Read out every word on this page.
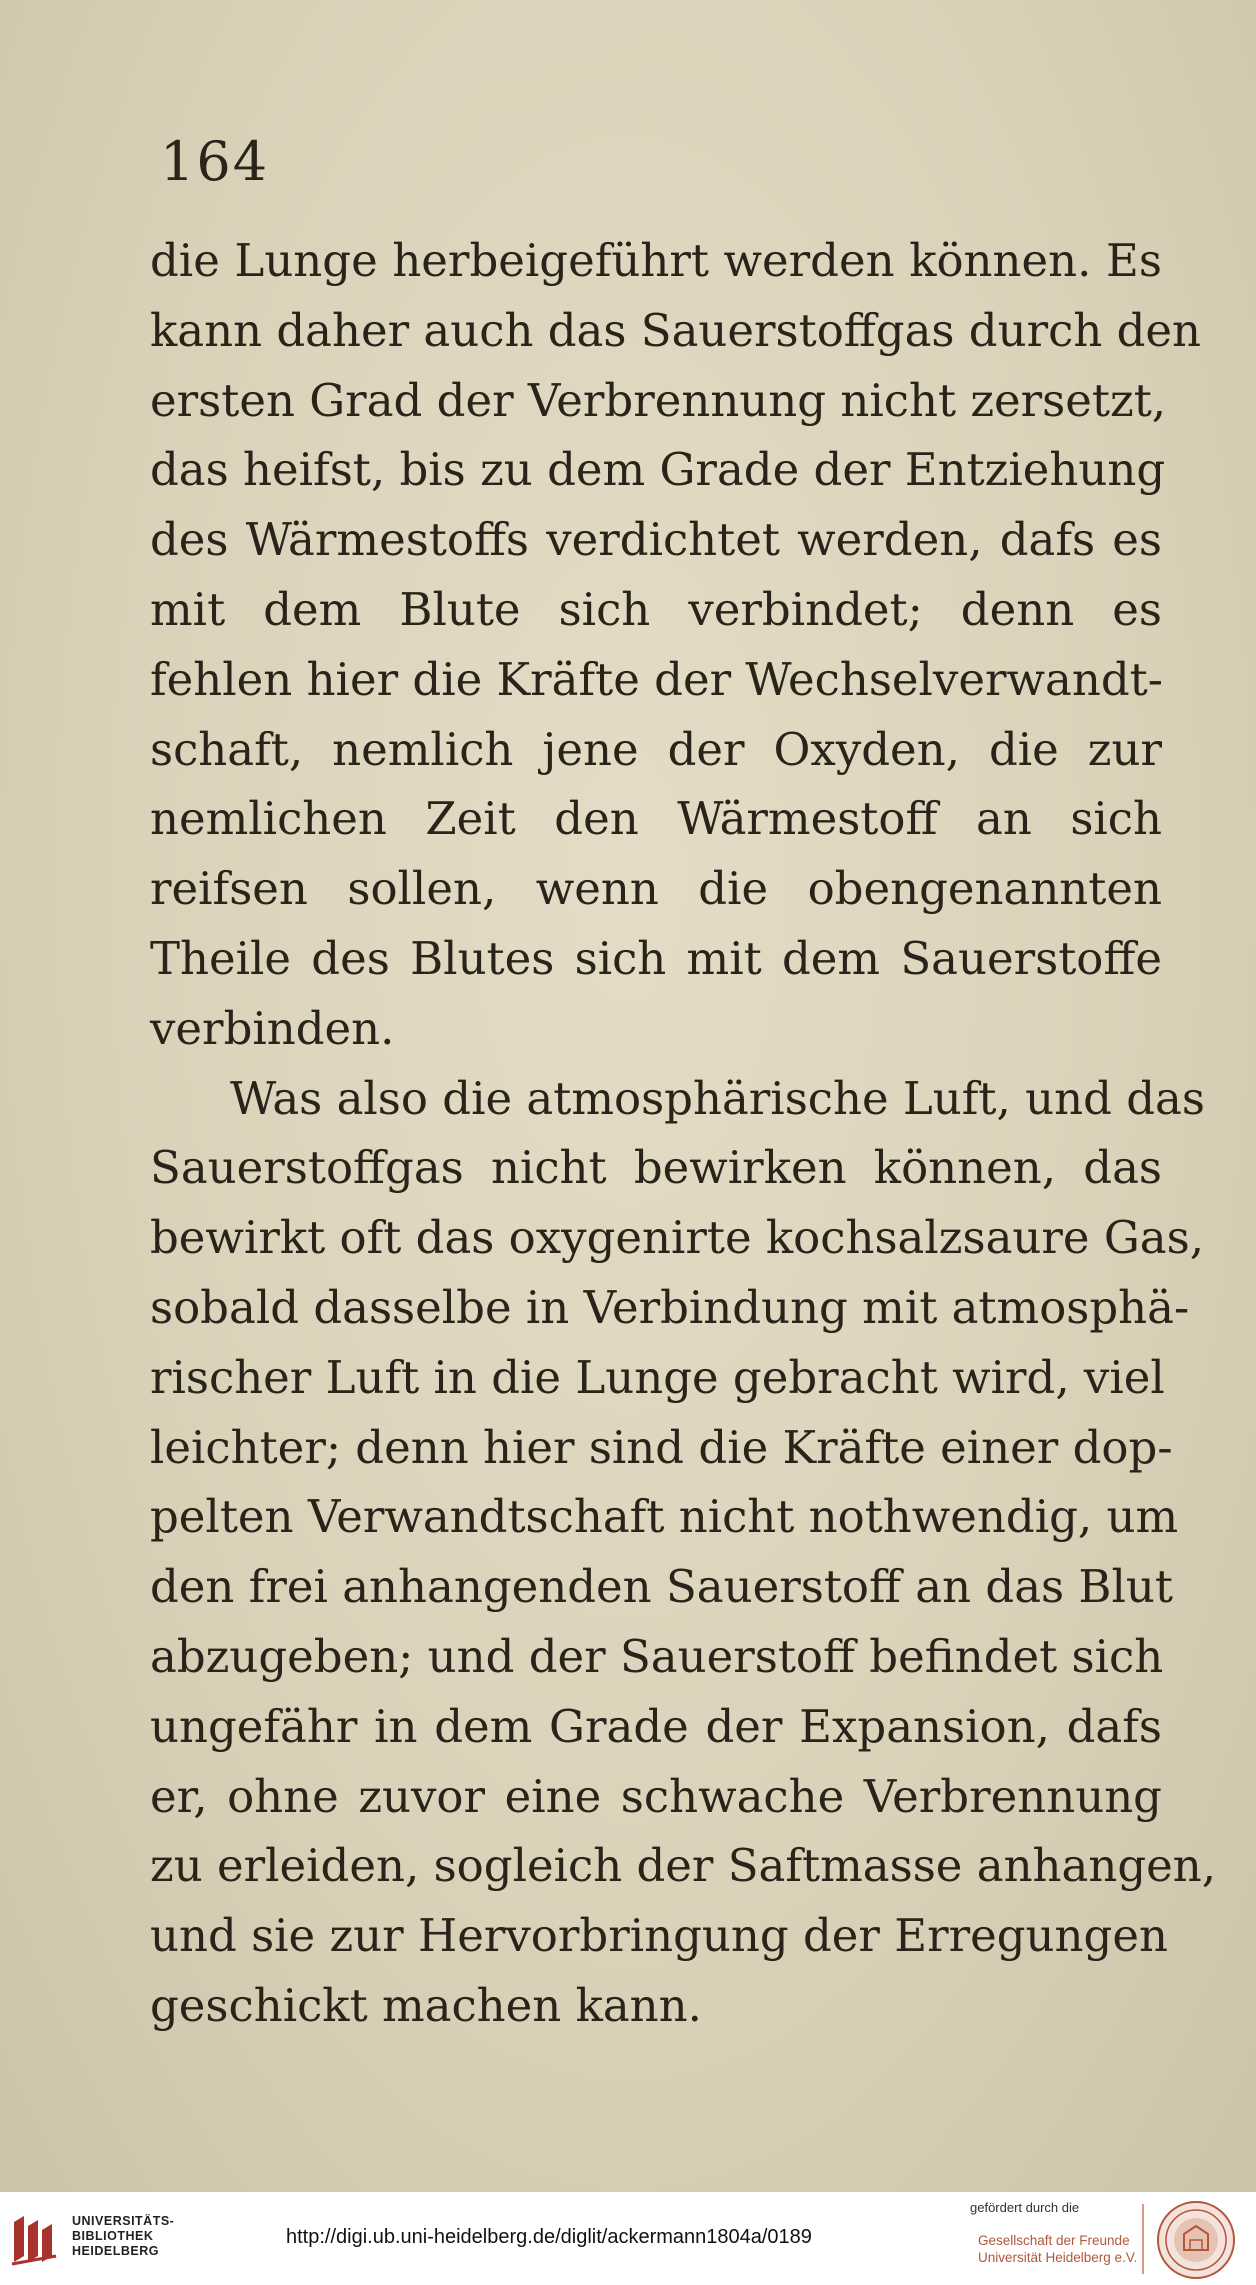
164
die Lunge herbeigeführt werden können. Es
kann daher auch das Sauerstoffgas durch den
ersten Grad der Verbrennung nicht zersetzt,
das heifst, bis zu dem Grade der Entziehung
des Wärmestoffs verdichtet werden, dafs es
mit dem Blute sich verbindet; denn es
fehlen hier die Kräfte der Wechselverwandt-
schaft, nemlich jene der Oxyden, die zur
nemlichen Zeit den Wärmestoff an sich
reifsen sollen, wenn die obengenannten
Theile des Blutes sich mit dem Sauerstoffe
verbinden.
Was also die atmosphärische Luft, und das
Sauerstoffgas nicht bewirken können, das
bewirkt oft das oxygenirte kochsalzsaure Gas,
sobald dasselbe in Verbindung mit atmosphä-
rischer Luft in die Lunge gebracht wird, viel
leichter; denn hier sind die Kräfte einer dop-
pelten Verwandtschaft nicht nothwendig, um
den frei anhangenden Sauerstoff an das Blut
abzugeben; und der Sauerstoff befindet sich
ungefähr in dem Grade der Expansion, dafs
er, ohne zuvor eine schwache Verbrennung
zu erleiden, sogleich der Saftmasse anhangen,
und sie zur Hervorbringung der Erregungen
geschickt machen kann.
UNIVERSITÄTS-
BIBLIOTHEK
HEIDELBERG
http://digi.ub.uni-heidelberg.de/diglit/ackermann1804a/0189
gefördert durch die
Gesellschaft der Freunde
Universität Heidelberg e.V.
